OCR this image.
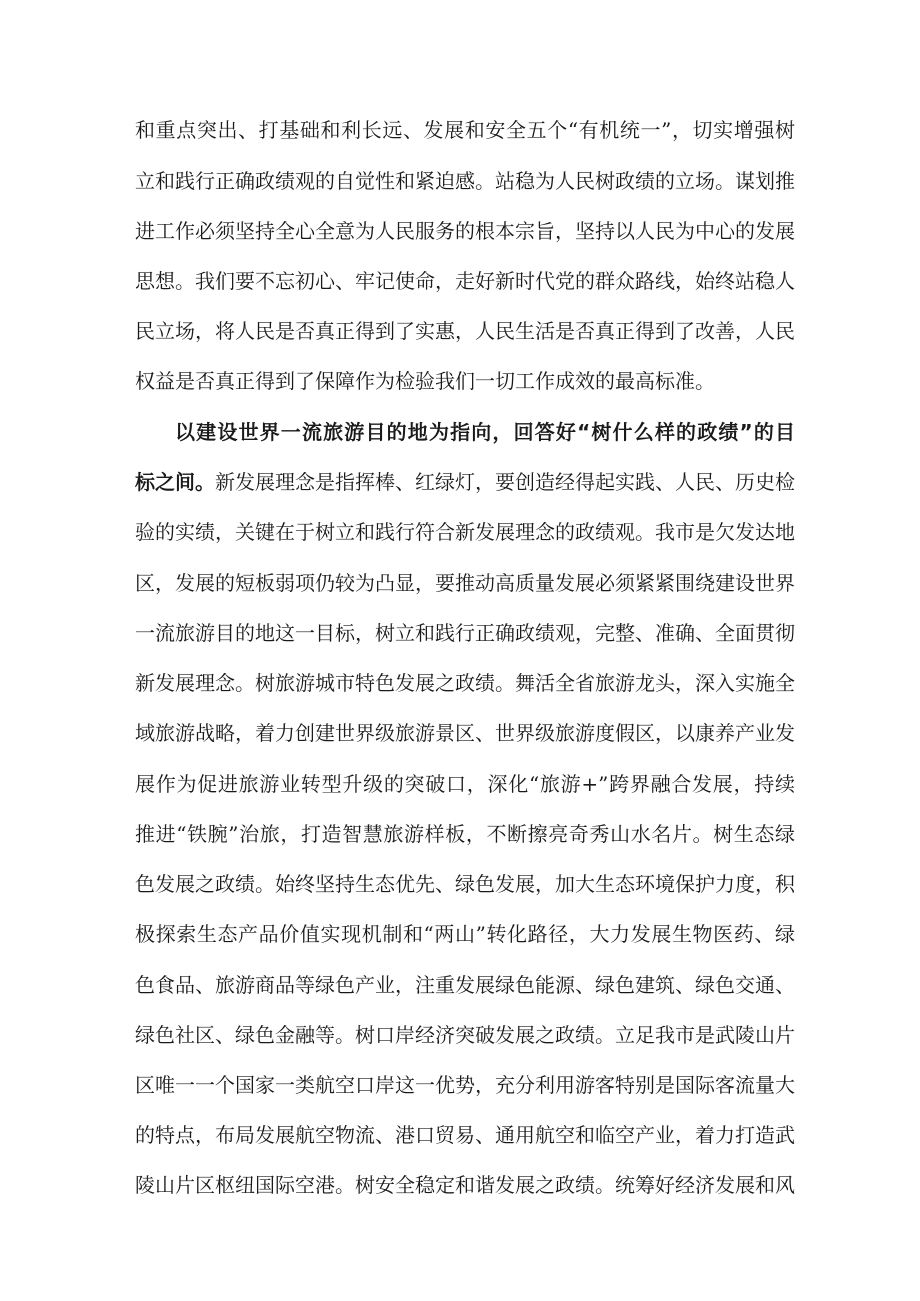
和重点突出、打基础和利长远、发展和安全五个“有机统一”，切实增强树
立和践行正确政绩观的自觉性和紧迫感。站稳为人民树政绩的立场。谋划推
进工作必须坚持全心全意为人民服务的根本宗旨，坚持以人民为中心的发展
思想。我们要不忘初心、牢记使命，走好新时代党的群众路线，始终站稳人
民立场，将人民是否真正得到了实惠，人民生活是否真正得到了改善，人民
权益是否真正得到了保障作为检验我们一切工作成效的最高标准。
以建设世界一流旅游目的地为指向，回答好“树什么样的政绩”的目
标之间。新发展理念是指挥棒、红绿灯，要创造经得起实践、人民、历史检
验的实绩，关键在于树立和践行符合新发展理念的政绩观。我市是欠发达地
区，发展的短板弱项仍较为凸显，要推动高质量发展必须紧紧围绕建设世界
一流旅游目的地这一目标，树立和践行正确政绩观，完整、准确、全面贯彻
新发展理念。树旅游城市特色发展之政绩。舞活全省旅游龙头，深入实施全
域旅游战略，着力创建世界级旅游景区、世界级旅游度假区，以康养产业发
展作为促进旅游业转型升级的突破口，深化“旅游+”跨界融合发展，持续
推进“铁腕”治旅，打造智慧旅游样板，不断擦亮奇秀山水名片。树生态绿
色发展之政绩。始终坚持生态优先、绿色发展，加大生态环境保护力度，积
极探索生态产品价值实现机制和“两山”转化路径，大力发展生物医药、绿
色食品、旅游商品等绿色产业，注重发展绿色能源、绿色建筑、绿色交通、
绿色社区、绿色金融等。树口岸经济突破发展之政绩。立足我市是武陵山片
区唯一一个国家一类航空口岸这一优势，充分利用游客特别是国际客流量大
的特点，布局发展航空物流、港口贸易、通用航空和临空产业，着力打造武
陵山片区枢纽国际空港。树安全稳定和谐发展之政绩。统筹好经济发展和风
